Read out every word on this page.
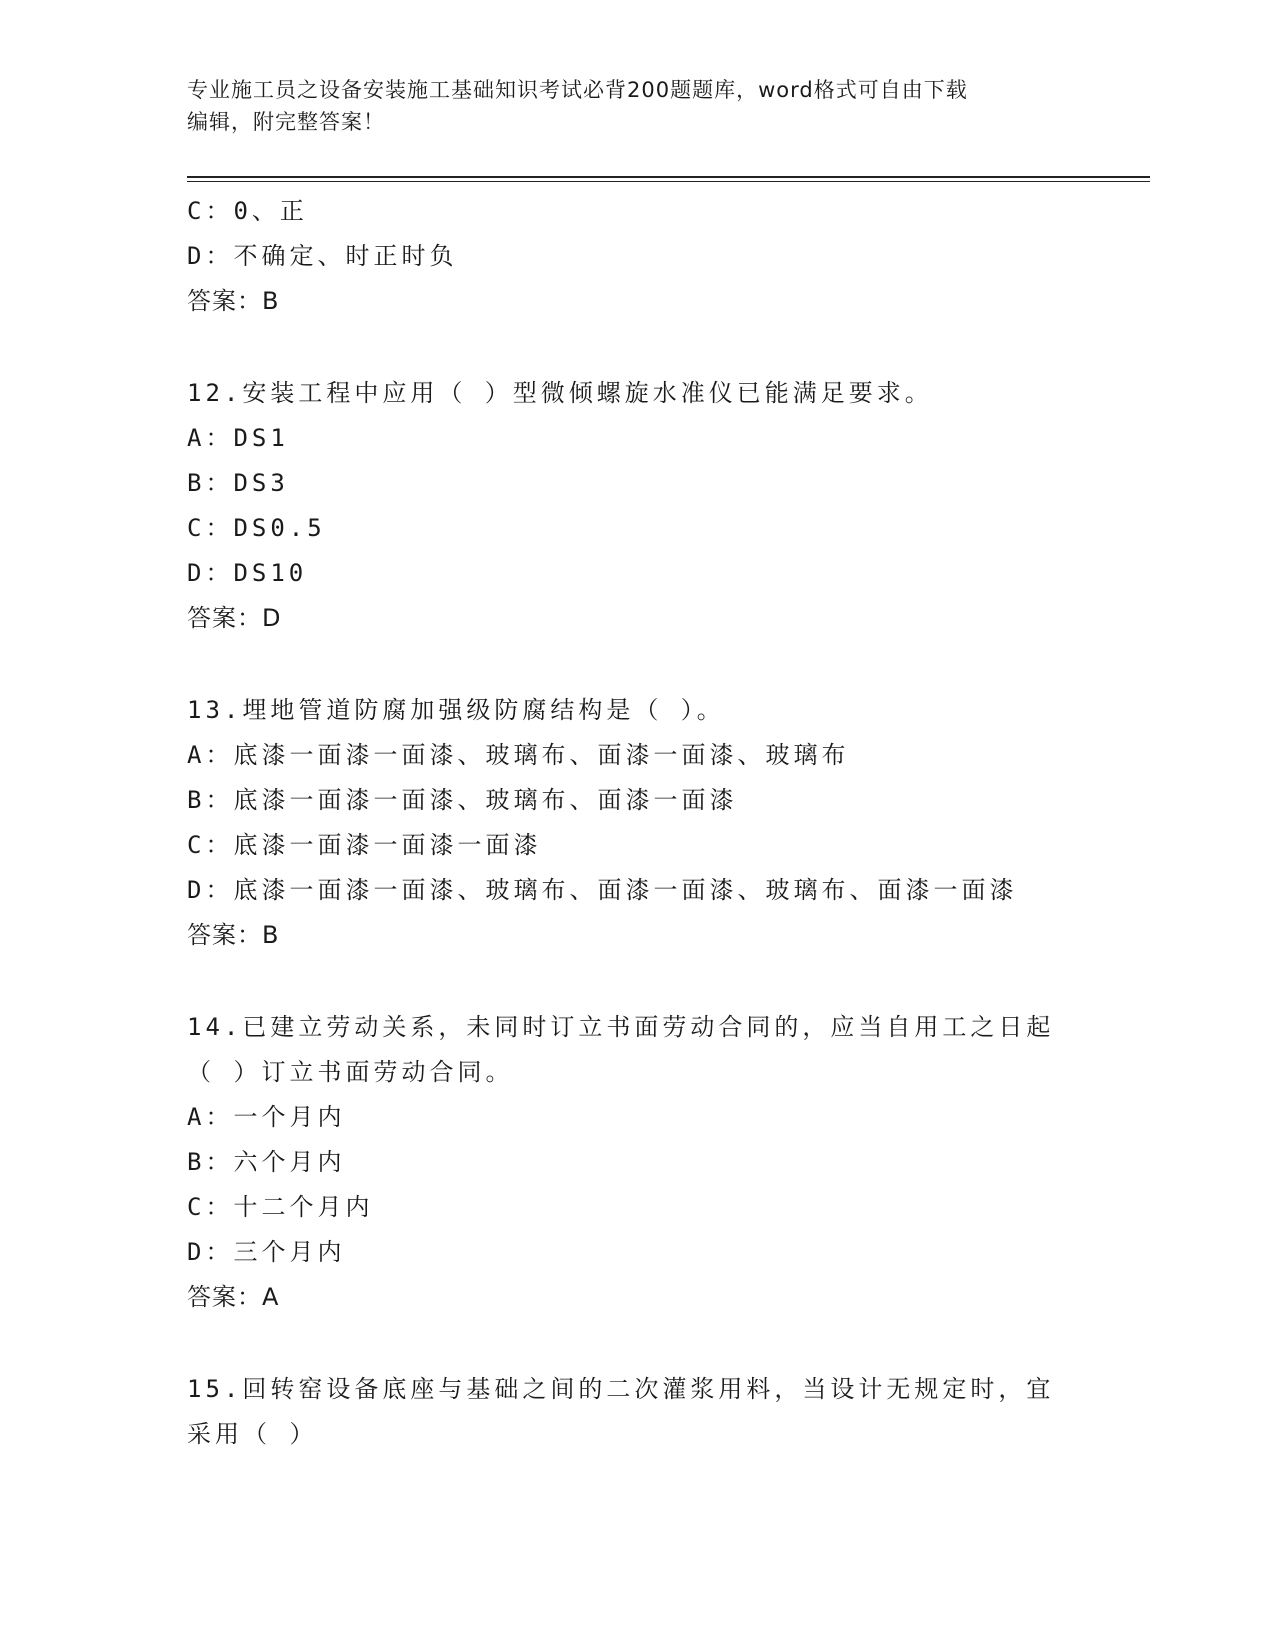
专业施工员之设备安装施工基础知识考试必背200题题库，word格式可自由下载
编辑，附完整答案！
C：0、正
D：不确定、时正时负
答案：B
12.安装工程中应用（ ）型微倾螺旋水准仪已能满足要求。
A：DS1
B：DS3
C：DS0.5
D：DS10
答案：D
13.埋地管道防腐加强级防腐结构是（ ）。
A：底漆一面漆一面漆、玻璃布、面漆一面漆、玻璃布
B：底漆一面漆一面漆、玻璃布、面漆一面漆
C：底漆一面漆一面漆一面漆
D：底漆一面漆一面漆、玻璃布、面漆一面漆、玻璃布、面漆一面漆
答案：B
14.已建立劳动关系，未同时订立书面劳动合同的，应当自用工之日起
（ ）订立书面劳动合同。
A：一个月内
B：六个月内
C：十二个月内
D：三个月内
答案：A
15.回转窑设备底座与基础之间的二次灌浆用料，当设计无规定时，宜
采用（ ）
